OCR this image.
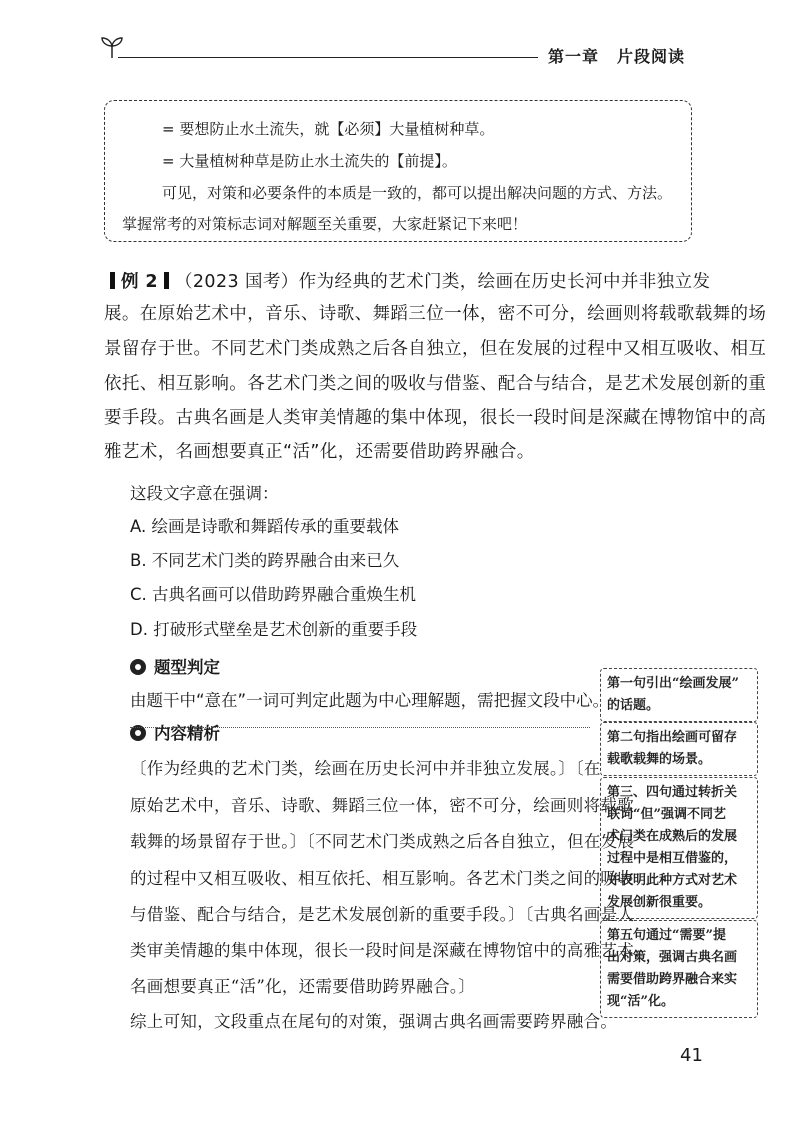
第一章 片段阅读
= 要想防止水土流失，就【必须】大量植树种草。
= 大量植树种草是防止水土流失的【前提】。
可见，对策和必要条件的本质是一致的，都可以提出解决问题的方式、方法。
掌握常考的对策标志词对解题至关重要，大家赶紧记下来吧！
例 2 （2023 国考）作为经典的艺术门类，绘画在历史长河中并非独立发
展。在原始艺术中，音乐、诗歌、舞蹈三位一体，密不可分，绘画则将载歌载舞的场
景留存于世。不同艺术门类成熟之后各自独立，但在发展的过程中又相互吸收、相互
依托、相互影响。各艺术门类之间的吸收与借鉴、配合与结合，是艺术发展创新的重
要手段。古典名画是人类审美情趣的集中体现，很长一段时间是深藏在博物馆中的高
雅艺术，名画想要真正“活”化，还需要借助跨界融合。
这段文字意在强调：
A. 绘画是诗歌和舞蹈传承的重要载体
B. 不同艺术门类的跨界融合由来已久
C. 古典名画可以借助跨界融合重焕生机
D. 打破形式壁垒是艺术创新的重要手段
题型判定
由题干中“意在”一词可判定此题为中心理解题，需把握文段中心。
内容精析
〔作为经典的艺术门类，绘画在历史长河中并非独立发展。〕〔在
原始艺术中，音乐、诗歌、舞蹈三位一体，密不可分，绘画则将载歌
载舞的场景留存于世。〕〔不同艺术门类成熟之后各自独立，但在发展
的过程中又相互吸收、相互依托、相互影响。各艺术门类之间的吸收
与借鉴、配合与结合，是艺术发展创新的重要手段。〕〔古典名画是人
类审美情趣的集中体现，很长一段时间是深藏在博物馆中的高雅艺术，
名画想要真正“活”化，还需要借助跨界融合。〕
综上可知，文段重点在尾句的对策，强调古典名画需要跨界融合。
第一句引出“绘画发展”
的话题。
第二句指出绘画可留存
载歌载舞的场景。
第三、四句通过转折关
联词“但”强调不同艺
术门类在成熟后的发展
过程中是相互借鉴的，
并表明此种方式对艺术
发展创新很重要。
第五句通过“需要”提
出对策，强调古典名画
需要借助跨界融合来实
现“活”化。
41
